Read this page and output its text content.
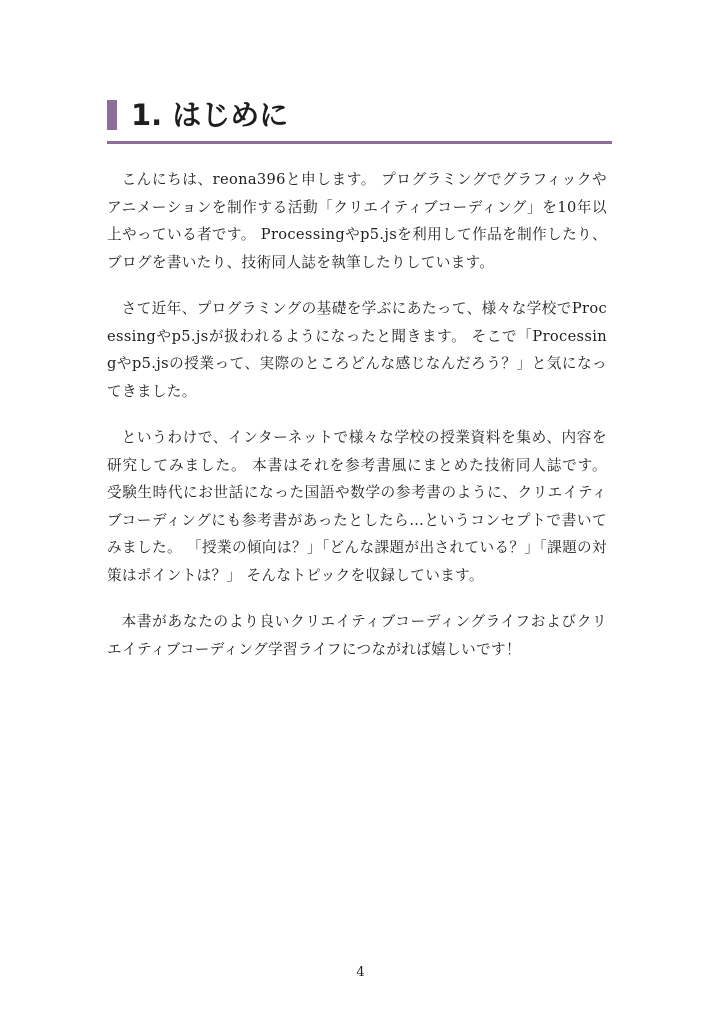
1. はじめに

こんにちは、reona396と申します。 プログラミングでグラフィックやアニメーションを制作する活動「クリエイティブコーディング」を10年以上やっている者です。 Processingやp5.jsを利用して作品を制作したり、ブログを書いたり、技術同人誌を執筆したりしています。

さて近年、プログラミングの基礎を学ぶにあたって、様々な学校でProcessingやp5.jsが扱われるようになったと聞きます。 そこで「Processingやp5.jsの授業って、実際のところどんな感じなんだろう？」と気になってきました。

というわけで、インターネットで様々な学校の授業資料を集め、内容を研究してみました。 本書はそれを参考書風にまとめた技術同人誌です。 受験生時代にお世話になった国語や数学の参考書のように、クリエイティブコーディングにも参考書があったとしたら…というコンセプトで書いてみました。 「授業の傾向は？」「どんな課題が出されている？」「課題の対策はポイントは？」 そんなトピックを収録しています。

本書があなたのより良いクリエイティブコーディングライフおよびクリエイティブコーディング学習ライフにつながれば嬉しいです！

4
